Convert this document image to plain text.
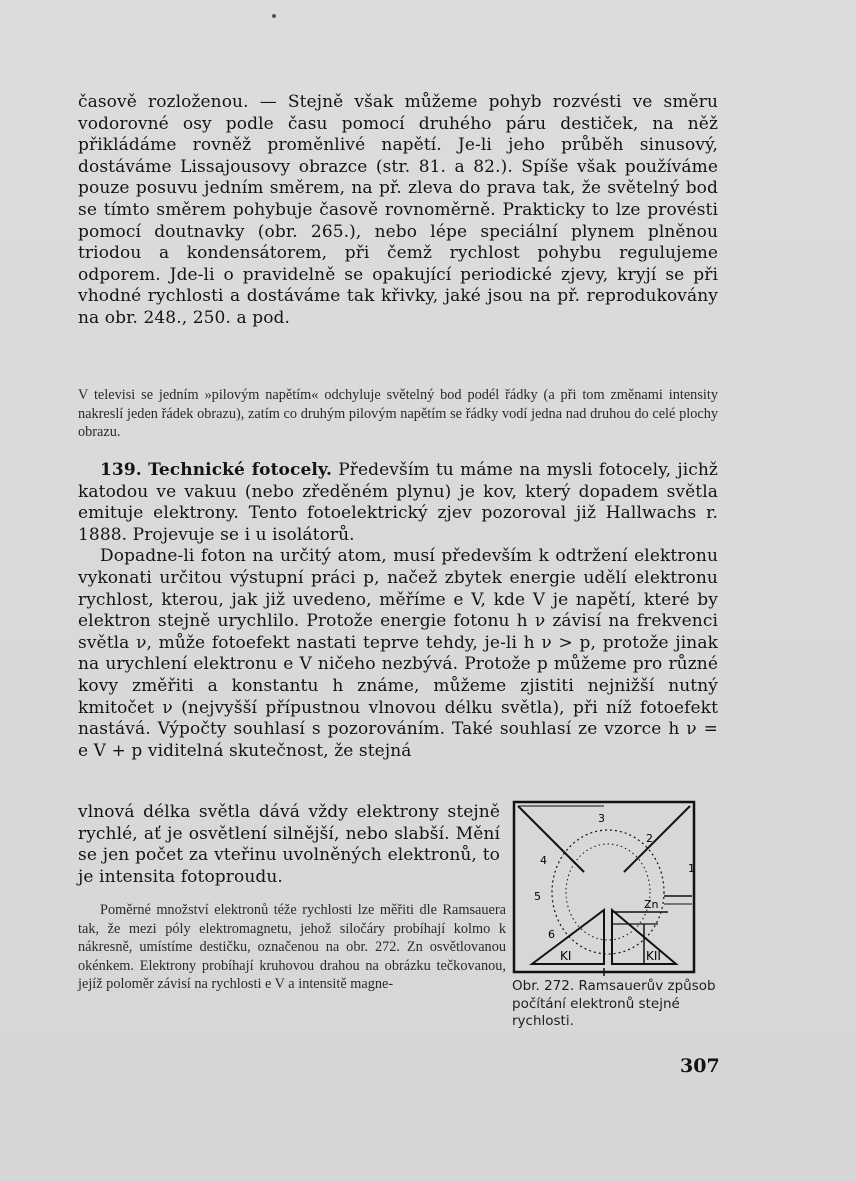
časově rozloženou. — Stejně však můžeme pohyb rozvésti ve směru vodorovné osy podle času pomocí druhého páru destiček, na něž přikládáme rovněž proměnlivé napětí. Je-li jeho průběh sinusový, dostáváme Lissajousovy obrazce (str. 81. a 82.). Spíše však používáme pouze posuvu jedním směrem, na př. zleva do prava tak, že světelný bod se tímto směrem pohybuje časově rovnoměrně. Prakticky to lze provésti pomocí doutnavky (obr. 265.), nebo lépe speciální plynem plněnou triodou a kondensátorem, při čemž rychlost pohybu regulujeme odporem. Jde-li o pravidelně se opakující periodické zjevy, kryjí se při vhodné rychlosti a dostáváme tak křivky, jaké jsou na př. reprodukovány na obr. 248., 250. a pod.

V televisi se jedním »pilovým napětím« odchyluje světelný bod podél řádky (a při tom změnami intensity nakreslí jeden řádek obrazu), zatím co druhým pilovým napětím se řádky vodí jedna nad druhou do celé plochy obrazu.

139. Technické fotocely. Především tu máme na mysli fotocely, jichž katodou ve vakuu (nebo zředěném plynu) je kov, který dopadem světla emituje elektrony. Tento fotoelektrický zjev pozoroval již Hallwachs r. 1888. Projevuje se i u isolátorů.

Dopadne-li foton na určitý atom, musí především k odtržení elektronu vykonati určitou výstupní práci p, načež zbytek energie udělí elektronu rychlost, kterou, jak již uvedeno, měříme e V, kde V je napětí, které by elektron stejně urychlilo. Protože energie fotonu h ν závisí na frekvenci světla ν, může fotoefekt nastati teprve tehdy, je-li h ν > p, protože jinak na urychlení elektronu e V ničeho nezbývá. Protože p můžeme pro různé kovy změřiti a konstantu h známe, můžeme zjistiti nejnižší nutný kmitočet ν (nejvyšší přípustnou vlnovou délku světla), při níž fotoefekt nastává. Výpočty souhlasí s pozorováním. Také souhlasí ze vzorce h ν = e V + p viditelná skutečnost, že stejná

vlnová délka světla dává vždy elektrony stejně rychlé, ať je osvětlení silnější, nebo slabší. Mění se jen počet za vteřinu uvolněných elektronů, to je intensita fotoproudu.

Poměrné množství elektronů téže rychlosti lze měřiti dle Ramsauera tak, že mezi póly elektromagnetu, jehož siločáry probíhají kolmo k nákresně, umístíme destičku, označenou na obr. 272. Zn osvětlovanou okénkem. Elektrony probíhají kruhovou drahou na obrázku tečkovanou, jejíž poloměr závisí na rychlosti e V a intensitě magne-

3
2
4
5
6
1
Zn
KI	KII
Obr. 272. Ramsauerův způsob počítání elektronů stejné rychlosti.
307
